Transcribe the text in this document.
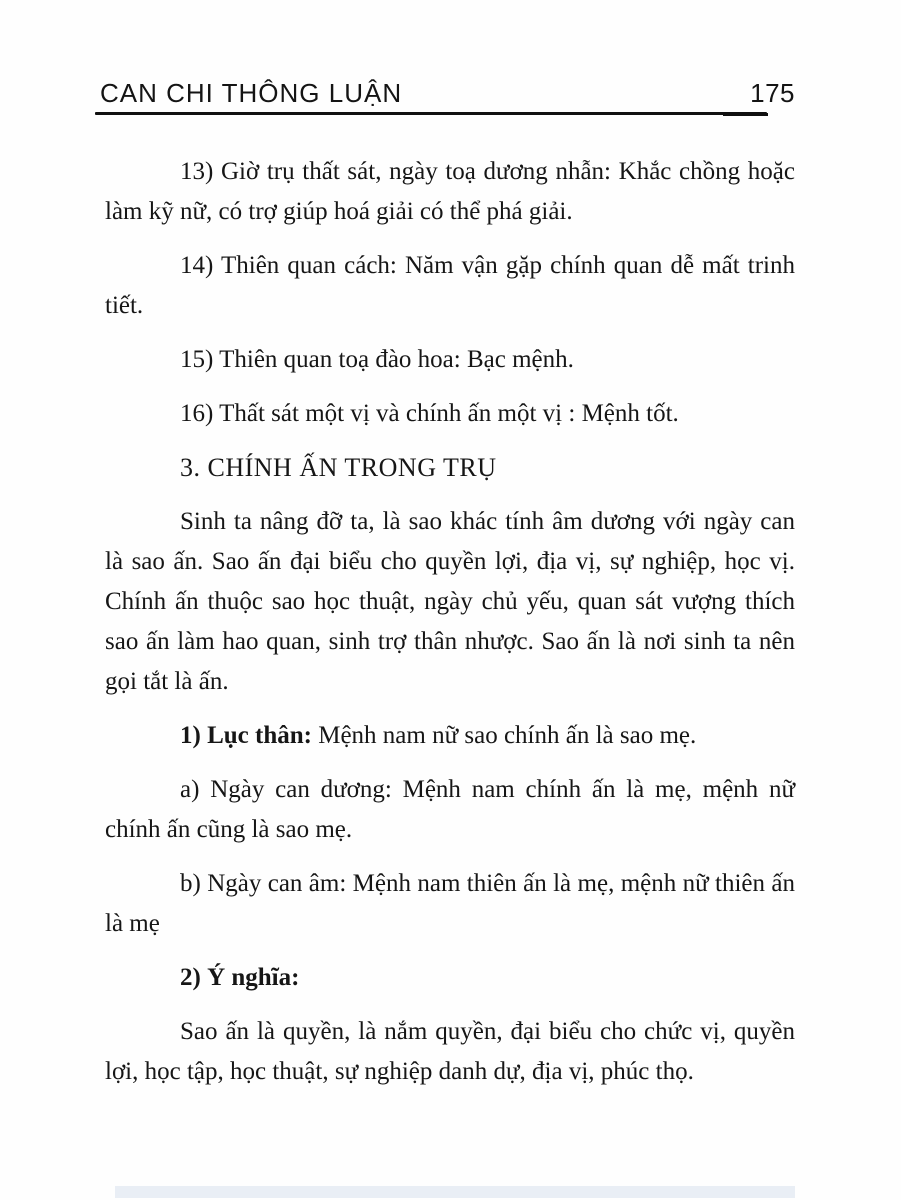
CAN CHI THÔNG LUẬN	175

13) Giờ trụ thất sát, ngày toạ dương nhẫn: Khắc chồng hoặc làm kỹ nữ, có trợ giúp hoá giải có thể phá giải.

14) Thiên quan cách: Năm vận gặp chính quan dễ mất trinh tiết.

15) Thiên quan toạ đào hoa: Bạc mệnh.

16) Thất sát một vị và chính ấn một vị : Mệnh tốt.

3. CHÍNH ẤN TRONG TRỤ

Sinh ta nâng đỡ ta, là sao khác tính âm dương với ngày can là sao ấn. Sao ấn đại biểu cho quyền lợi, địa vị, sự nghiệp, học vị. Chính ấn thuộc sao học thuật, ngày chủ yếu, quan sát vượng thích sao ấn làm hao quan, sinh trợ thân nhược. Sao ấn là nơi sinh ta nên gọi tắt là ấn.

1) Lục thân: Mệnh nam nữ sao chính ấn là sao mẹ.

a) Ngày can dương: Mệnh nam chính ấn là mẹ, mệnh nữ chính ấn cũng là sao mẹ.

b) Ngày can âm: Mệnh nam thiên ấn là mẹ, mệnh nữ thiên ấn là mẹ

2) Ý nghĩa:

Sao ấn là quyền, là nắm quyền, đại biểu cho chức vị, quyền lợi, học tập, học thuật, sự nghiệp danh dự, địa vị, phúc thọ.
